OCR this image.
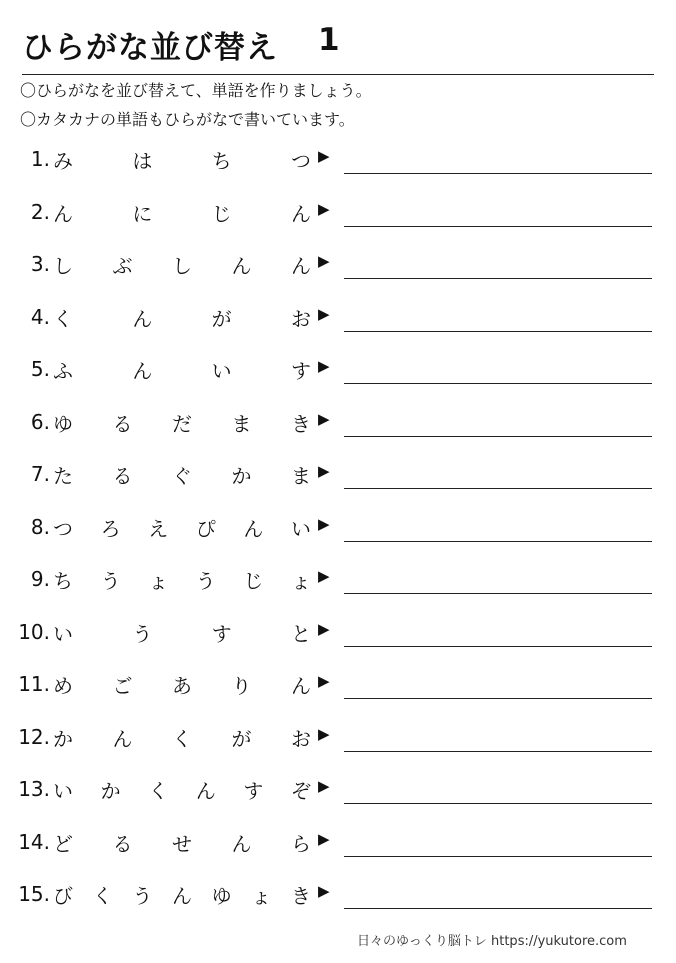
ひらがな並び替え 1
〇ひらがなを並び替えて、単語を作りましょう。
〇カタカナの単語もひらがなで書いています。
1. み	は	ち	つ ▶
2. ん	に	じ	ん ▶
3. し ぶ し ん ん ▶
4. く	ん	が	お ▶
5. ふ	ん	い	す ▶
6. ゆ る だ ま き ▶
7. た る ぐ か ま ▶
8. つ ろ え ぴ ん い ▶
9. ち う ょ う じ ょ ▶
10. い	う	す	と ▶
11. め ご あ り ん ▶
12. か ん く が お ▶
13. い か く ん す ぞ ▶
14. ど る せ ん ら ▶
15. び く う ん ゆ ょ き ▶
日々のゆっくり脳トレ https://yukutore.com
